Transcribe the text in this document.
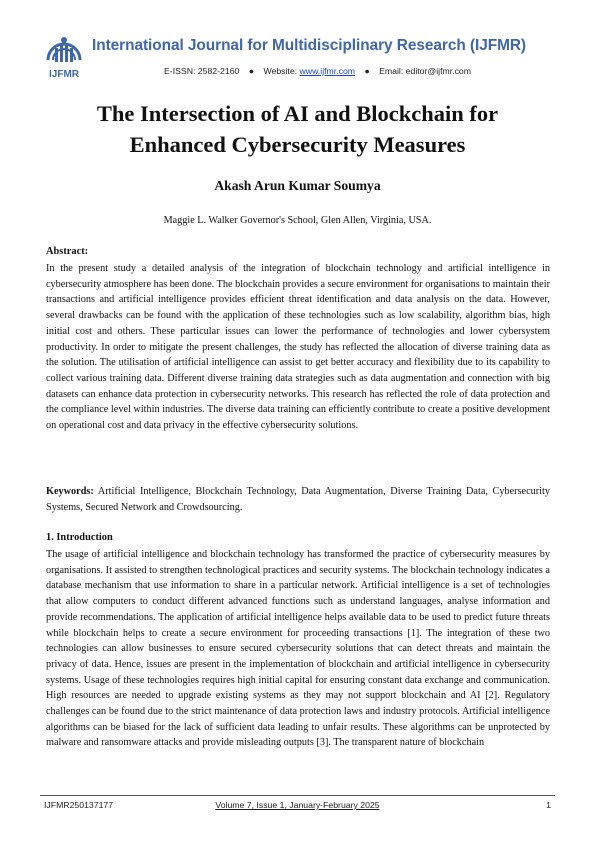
IJFMR
International Journal for Multidisciplinary Research (IJFMR)
E-ISSN: 2582-2160 ● Website: www.ijfmr.com ● Email: editor@ijfmr.com
The Intersection of AI and Blockchain for
Enhanced Cybersecurity Measures
Akash Arun Kumar Soumya
Maggie L. Walker Governor's School, Glen Allen, Virginia, USA.
Abstract:

In the present study a detailed analysis of the integration of blockchain technology and artificial intelligence in cybersecurity atmosphere has been done. The blockchain provides a secure environment for organisations to maintain their transactions and artificial intelligence provides efficient threat identification and data analysis on the data. However, several drawbacks can be found with the application of these technologies such as low scalability, algorithm bias, high initial cost and others. These particular issues can lower the performance of technologies and lower cybersystem productivity. In order to mitigate the present challenges, the study has reflected the allocation of diverse training data as the solution. The utilisation of artificial intelligence can assist to get better accuracy and flexibility due to its capability to collect various training data. Different diverse training data strategies such as data augmentation and connection with big datasets can enhance data protection in cybersecurity networks. This research has reflected the role of data protection and the compliance level within industries. The diverse data training can efficiently contribute to create a positive development on operational cost and data privacy in the effective cybersecurity solutions.

Keywords: Artificial Intelligence, Blockchain Technology, Data Augmentation, Diverse Training Data, Cybersecurity Systems, Secured Network and Crowdsourcing.

1. Introduction

The usage of artificial intelligence and blockchain technology has transformed the practice of cybersecurity measures by organisations. It assisted to strengthen technological practices and security systems. The blockchain technology indicates a database mechanism that use information to share in a particular network. Artificial intelligence is a set of technologies that allow computers to conduct different advanced functions such as understand languages, analyse information and provide recommendations. The application of artificial intelligence helps available data to be used to predict future threats while blockchain helps to create a secure environment for proceeding transactions [1]. The integration of these two technologies can allow businesses to ensure secured cybersecurity solutions that can detect threats and maintain the privacy of data. Hence, issues are present in the implementation of blockchain and artificial intelligence in cybersecurity systems. Usage of these technologies requires high initial capital for ensuring constant data exchange and communication. High resources are needed to upgrade existing systems as they may not support blockchain and AI [2]. Regulatory challenges can be found due to the strict maintenance of data protection laws and industry protocols. Artificial intelligence algorithms can be biased for the lack of sufficient data leading to unfair results. These algorithms can be unprotected by malware and ransomware attacks and provide misleading outputs [3]. The transparent nature of blockchain

IJFMR250137177	Volume 7, Issue 1, January-February 2025	1
